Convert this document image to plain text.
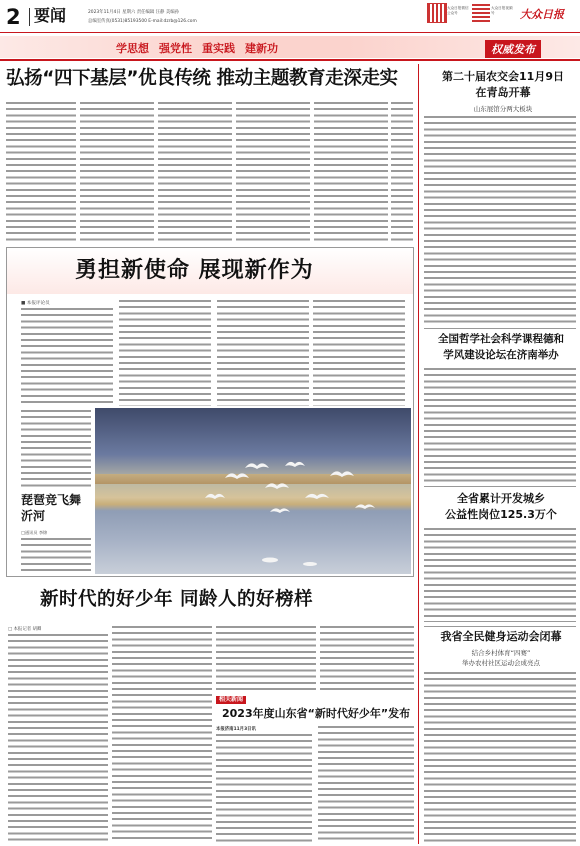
2 要闻	2023年11月4日 星期六 责任编辑 汪静 美编孙
总编室传真(0531)85193500 E-mail:dzrb@126.com
大众日报微信公众号
大众日报视频号	大众日报
学思想 强党性 重实践 建新功	权威发布
弘扬“四下基层”优良传统 推动主题教育走深走实
勇担新使命 展现新作为
■ 本报评论员
琵琶竞飞舞沂河
□通讯员 李锦
新时代的好少年 同龄人的好榜样
□ 本报记者 胡卿
相关新闻
2023年度山东省“新时代好少年”发布
本报济南11月3日讯
第二十届农交会11月9日
在青岛开幕
山东展馆分两大板块
全国哲学社会科学课程德和
学风建设论坛在济南举办
全省累计开发城乡
公益性岗位125.3万个
我省全民健身运动会闭幕
结合乡村体育“四赛”
举办农村社区运动会成亮点
